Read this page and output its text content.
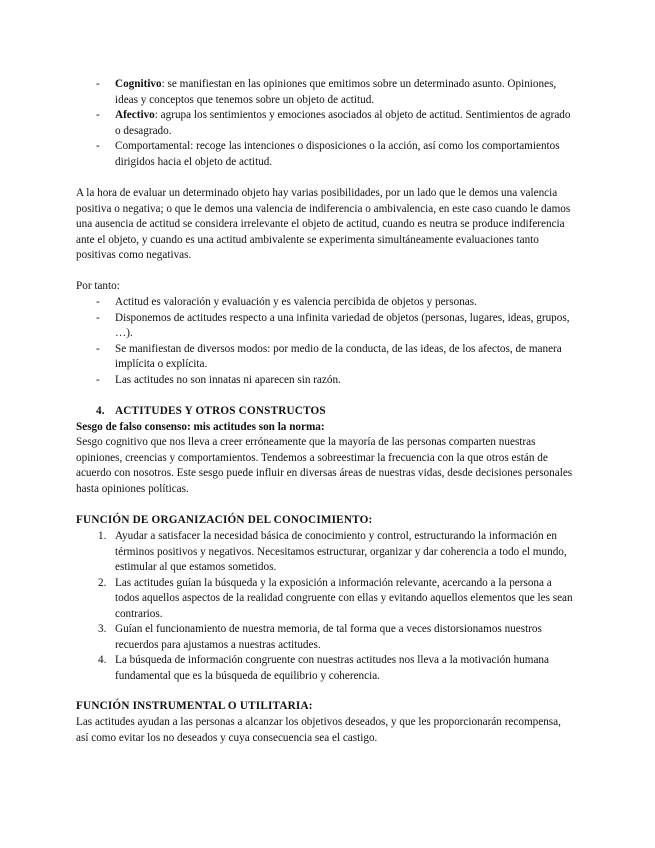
- Cognitivo: se manifiestan en las opiniones que emitimos sobre un determinado asunto. Opiniones, ideas y conceptos que tenemos sobre un objeto de actitud.
- Afectivo: agrupa los sentimientos y emociones asociados al objeto de actitud. Sentimientos de agrado o desagrado.
- Comportamental: recoge las intenciones o disposiciones o la acción, así como los comportamientos dirigidos hacia el objeto de actitud.

A la hora de evaluar un determinado objeto hay varias posibilidades, por un lado que le demos una valencia positiva o negativa; o que le demos una valencia de indiferencia o ambivalencia, en este caso cuando le damos una ausencia de actitud se considera irrelevante el objeto de actitud, cuando es neutra se produce indiferencia ante el objeto, y cuando es una actitud ambivalente se experimenta simultáneamente evaluaciones tanto positivas como negativas.

Por tanto:

- Actitud es valoración y evaluación y es valencia percibida de objetos y personas.
- Disponemos de actitudes respecto a una infinita variedad de objetos (personas, lugares, ideas, grupos, …).
- Se manifiestan de diversos modos: por medio de la conducta, de las ideas, de los afectos, de manera implícita o explícita.
- Las actitudes no son innatas ni aparecen sin razón.
4. ACTITUDES Y OTROS CONSTRUCTOS

Sesgo de falso consenso: mis actitudes son la norma:

Sesgo cognitivo que nos lleva a creer erróneamente que la mayoría de las personas comparten nuestras opiniones, creencias y comportamientos. Tendemos a sobreestimar la frecuencia con la que otros están de acuerdo con nosotros. Este sesgo puede influir en diversas áreas de nuestras vidas, desde decisiones personales hasta opiniones políticas.

FUNCIÓN DE ORGANIZACIÓN DEL CONOCIMIENTO:

1. Ayudar a satisfacer la necesidad básica de conocimiento y control, estructurando la información en términos positivos y negativos. Necesitamos estructurar, organizar y dar coherencia a todo el mundo, estimular al que estamos sometidos.
2. Las actitudes guían la búsqueda y la exposición a información relevante, acercando a la persona a todos aquellos aspectos de la realidad congruente con ellas y evitando aquellos elementos que les sean contrarios.
3. Guían el funcionamiento de nuestra memoria, de tal forma que a veces distorsionamos nuestros recuerdos para ajustamos a nuestras actitudes.
4. La búsqueda de información congruente con nuestras actitudes nos lleva a la motivación humana fundamental que es la búsqueda de equilibrio y coherencia.

FUNCIÓN INSTRUMENTAL O UTILITARIA:

Las actitudes ayudan a las personas a alcanzar los objetivos deseados, y que les proporcionarán recompensa, así como evitar los no deseados y cuya consecuencia sea el castigo.
